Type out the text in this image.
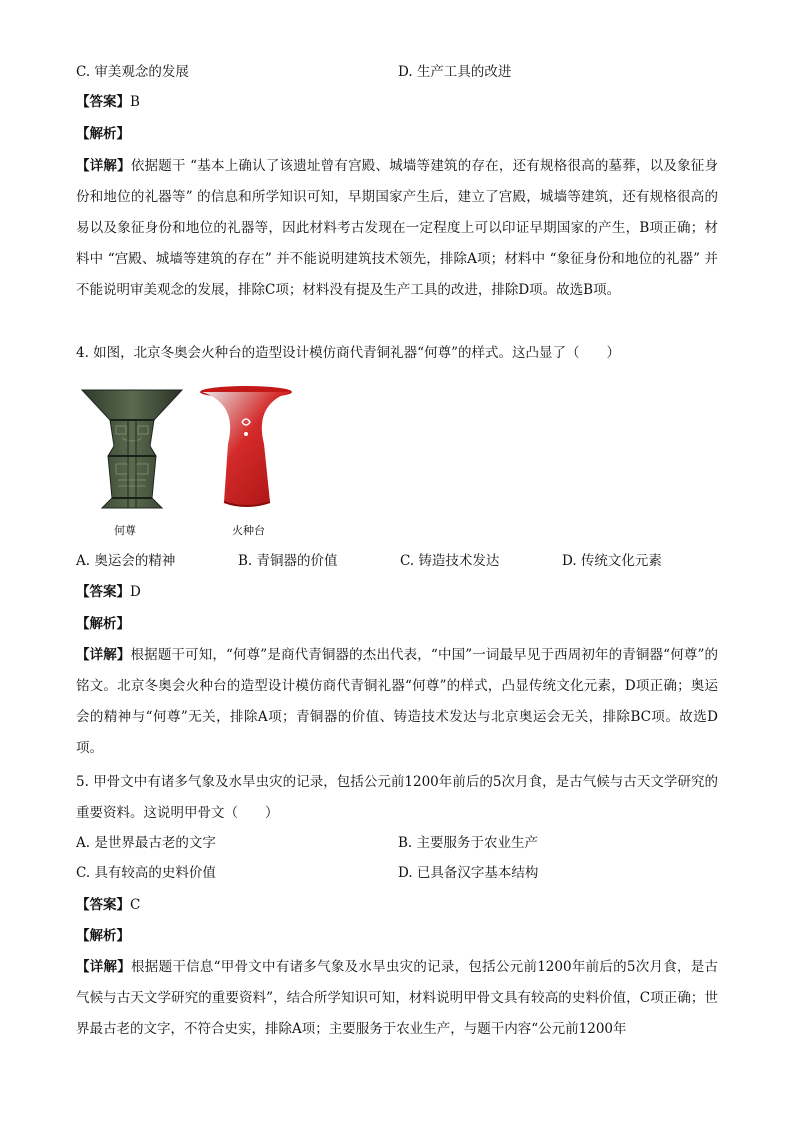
C. 审美观念的发展	D. 生产工具的改进
【答案】B
【解析】
【详解】依据题干 “基本上确认了该遗址曾有宫殿、城墙等建筑的存在，还有规格很高的墓葬，以及象征身份和地位的礼器等” 的信息和所学知识可知，早期国家产生后，建立了宫殿，城墙等建筑，还有规格很高的易以及象征身份和地位的礼器等，因此材料考古发现在一定程度上可以印证早期国家的产生，B项正确；材料中 “宫殿、城墙等建筑的存在” 并不能说明建筑技术领先，排除A项；材料中 “象征身份和地位的礼器” 并不能说明审美观念的发展，排除C项；材料没有提及生产工具的改进，排除D项。故选B项。
4. 如图，北京冬奥会火种台的造型设计模仿商代青铜礼器“何尊”的样式。这凸显了（　　）
何尊	火种台
A. 奥运会的精神	B. 青铜器的价值	C. 铸造技术发达	D. 传统文化元素
【答案】D
【解析】
【详解】根据题干可知，“何尊”是商代青铜器的杰出代表，“中国”一词最早见于西周初年的青铜器“何尊”的铭文。北京冬奥会火种台的造型设计模仿商代青铜礼器“何尊”的样式，凸显传统文化元素，D项正确；奥运会的精神与“何尊”无关，排除A项；青铜器的价值、铸造技术发达与北京奥运会无关，排除BC项。故选D项。
5. 甲骨文中有诸多气象及水旱虫灾的记录，包括公元前1200年前后的5次月食，是古气候与古天文学研究的重要资料。这说明甲骨文（　　）
A. 是世界最古老的文字	B. 主要服务于农业生产
C. 具有较高的史料价值	D. 已具备汉字基本结构
【答案】C
【解析】
【详解】根据题干信息“甲骨文中有诸多气象及水旱虫灾的记录，包括公元前1200年前后的5次月食，是古气候与古天文学研究的重要资料”，结合所学知识可知，材料说明甲骨文具有较高的史料价值，C项正确；世界最古老的文字，不符合史实，排除A项；主要服务于农业生产，与题干内容“公元前1200年
